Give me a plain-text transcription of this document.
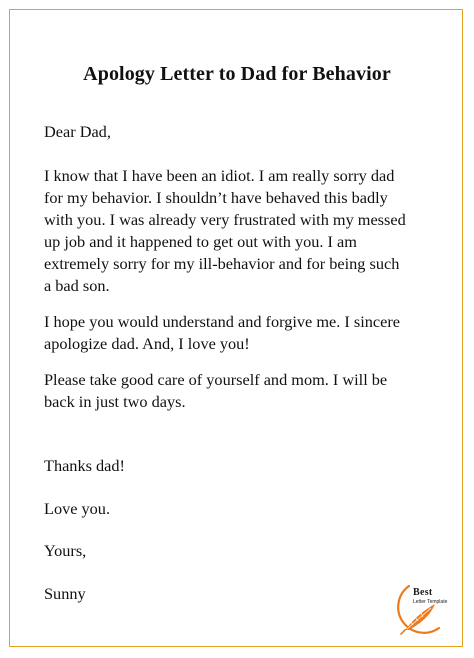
Apology Letter to Dad for Behavior

Dear Dad,

I know that I have been an idiot. I am really sorry dad
for my behavior. I shouldn’t have behaved this badly
with you. I was already very frustrated with my messed
up job and it happened to get out with you. I am
extremely sorry for my ill-behavior and for being such
a bad son.

I hope you would understand and forgive me. I sincere
apologize dad. And, I love you!

Please take good care of yourself and mom. I will be
back in just two days.

Thanks dad!

Love you.

Yours,

Sunny	Best
Letter Template
